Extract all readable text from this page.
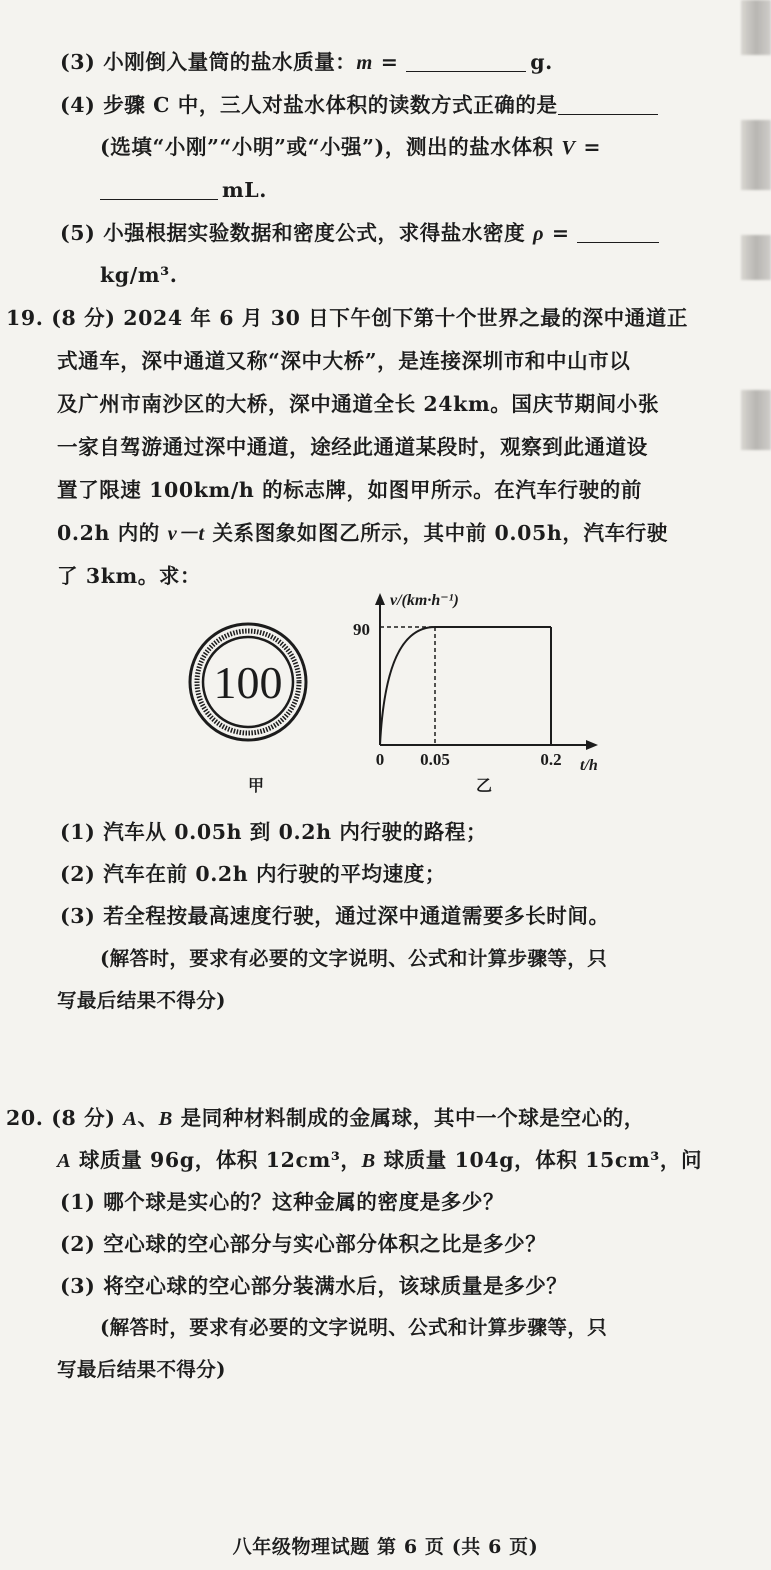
(3) 小刚倒入量筒的盐水质量：m =	g.
(4) 步骤 C 中，三人对盐水体积的读数方式正确的是
(选填“小刚”“小明”或“小强”)，测出的盐水体积 V =
mL.
(5) 小强根据实验数据和密度公式，求得盐水密度 ρ =
kg/m³.
19. (8 分) 2024 年 6 月 30 日下午创下第十个世界之最的深中通道正
式通车，深中通道又称“深中大桥”，是连接深圳市和中山市以
及广州市南沙区的大桥，深中通道全长 24km。国庆节期间小张
一家自驾游通过深中通道，途经此通道某段时，观察到此通道设
置了限速 100km/h 的标志牌，如图甲所示。在汽车行驶的前
0.2h 内的 v－t 关系图象如图乙所示，其中前 0.05h，汽车行驶
了 3km。求：
100
甲
v/(km·h⁻¹)
t/h
90
0 0.05	0.2
乙
(1) 汽车从 0.05h 到 0.2h 内行驶的路程；
(2) 汽车在前 0.2h 内行驶的平均速度；
(3) 若全程按最高速度行驶，通过深中通道需要多长时间。
(解答时，要求有必要的文字说明、公式和计算步骤等，只
写最后结果不得分)
20. (8 分) A、B 是同种材料制成的金属球，其中一个球是空心的，
A 球质量 96g，体积 12cm³，B 球质量 104g，体积 15cm³，问
(1) 哪个球是实心的？这种金属的密度是多少？
(2) 空心球的空心部分与实心部分体积之比是多少？
(3) 将空心球的空心部分装满水后，该球质量是多少？
(解答时，要求有必要的文字说明、公式和计算步骤等，只
写最后结果不得分)
八年级物理试题 第 6 页 (共 6 页)
